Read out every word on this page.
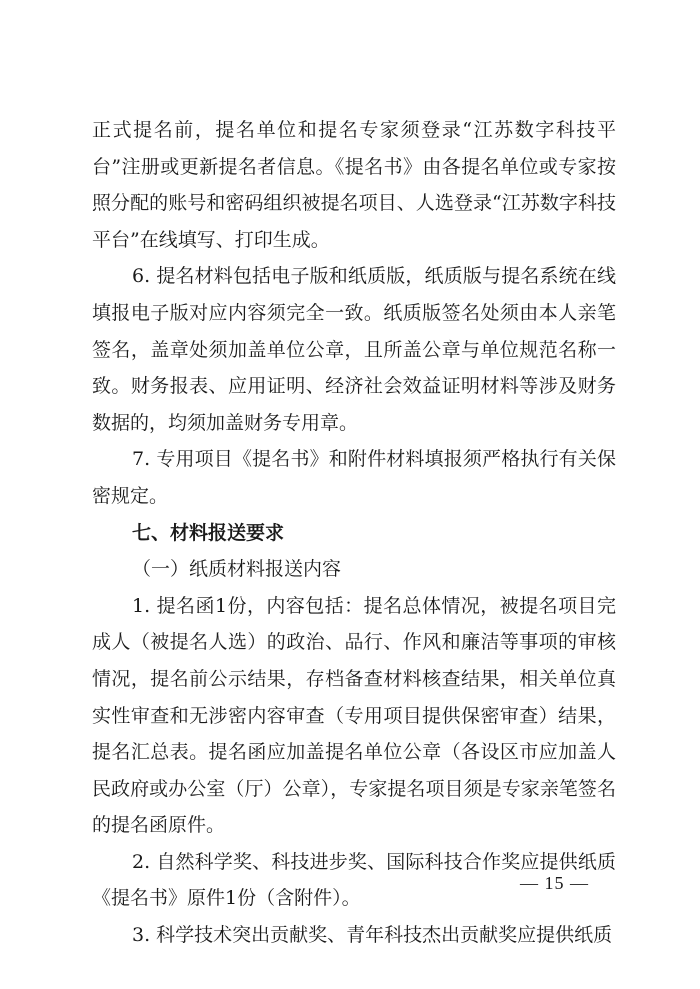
正式提名前，提名单位和提名专家须登录“江苏数字科技平台”注册或更新提名者信息。《提名书》由各提名单位或专家按照分配的账号和密码组织被提名项目、人选登录“江苏数字科技平台”在线填写、打印生成。

6. 提名材料包括电子版和纸质版，纸质版与提名系统在线填报电子版对应内容须完全一致。纸质版签名处须由本人亲笔签名，盖章处须加盖单位公章，且所盖公章与单位规范名称一致。财务报表、应用证明、经济社会效益证明材料等涉及财务数据的，均须加盖财务专用章。

7. 专用项目《提名书》和附件材料填报须严格执行有关保密规定。

七、材料报送要求

（一）纸质材料报送内容

1. 提名函1份，内容包括：提名总体情况，被提名项目完成人（被提名人选）的政治、品行、作风和廉洁等事项的审核情况，提名前公示结果，存档备查材料核查结果，相关单位真实性审查和无涉密内容审查（专用项目提供保密审查）结果，提名汇总表。提名函应加盖提名单位公章（各设区市应加盖人民政府或办公室（厅）公章），专家提名项目须是专家亲笔签名的提名函原件。

2. 自然科学奖、科技进步奖、国际科技合作奖应提供纸质《提名书》原件1份（含附件）。

3. 科学技术突出贡献奖、青年科技杰出贡献奖应提供纸质

— 15 —
